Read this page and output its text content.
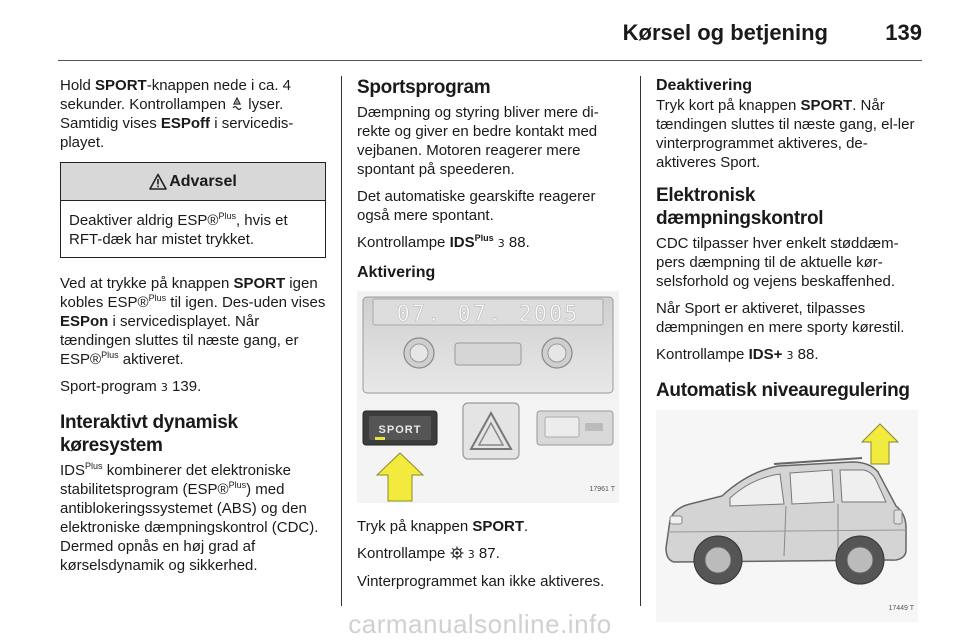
Kørsel og betjening	139

Hold SPORT-knappen nede i ca. 4 sekunder. Kontrollampen  lyser. Samtidig vises ESPoff i servicedis-playet.

Advarsel
Deaktiver aldrig ESP®$^{Plus}$, hvis et RFT-dæk har mistet trykket.

Ved at trykke på knappen SPORT igen kobles ESP®$^{Plus}$ til igen. Des-uden vises ESPon i servicedisplayet. Når tændingen sluttes til næste gang, er ESP®$^{Plus}$ aktiveret.

Sport-program 3 139.

Interaktivt dynamisk køresystem

$IDS^{Plus}$ kombinerer det elektroniske stabilitetsprogram (ESP®$^{Plus}$) med antiblokeringssystemet (ABS) og den elektroniske dæmpningskontrol (CDC). Dermed opnås en høj grad af kørselsdynamik og sikkerhed.

Sportsprogram

Dæmpning og styring bliver mere di-rekte og giver en bedre kontakt med vejbanen. Motoren reagerer mere spontant på speederen.

Det automatiske gearskifte reagerer også mere spontant.

Kontrollampe $IDS^{Plus}$ 3 88.

Aktivering
07. 07. 2005
SPORT
17961 T

Tryk på knappen SPORT.

Kontrollampe  3 87.

Vinterprogrammet kan ikke aktiveres.

Deaktivering

Tryk kort på knappen SPORT. Når tændingen sluttes til næste gang, el-ler vinterprogrammet aktiveres, de-aktiveres Sport.

Elektronisk dæmpningskontrol

CDC tilpasser hver enkelt støddæm-pers dæmpning til de aktuelle kør-selsforhold og vejens beskaffenhed.

Når Sport er aktiveret, tilpasses dæmpningen en mere sporty kørestil.

Kontrollampe IDS+ 3 88.

Automatisk niveauregulering
17449 T
carmanualsonline.info
